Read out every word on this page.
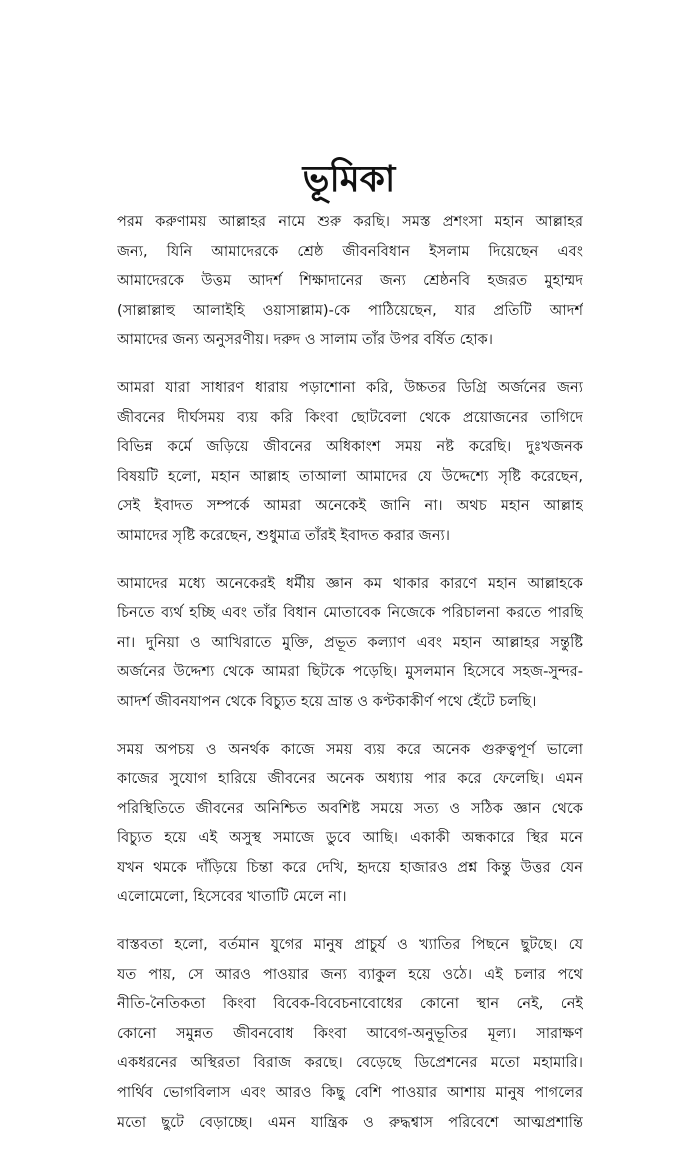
ভূমিকা
পরম করুণাময় আল্লাহর নামে শুরু করছি। সমস্ত প্রশংসা মহান আল্লাহর
জন্য, যিনি আমাদেরকে শ্রেষ্ঠ জীবনবিধান ইসলাম দিয়েছেন এবং
আমাদেরকে উত্তম আদর্শ শিক্ষাদানের জন্য শ্রেষ্ঠনবি হজরত মুহাম্মদ
(সাল্লাল্লাহু আলাইহি ওয়াসাল্লাম)-কে পাঠিয়েছেন, যার প্রতিটি আদর্শ
আমাদের জন্য অনুসরণীয়। দরুদ ও সালাম তাঁর উপর বর্ষিত হোক।
আমরা যারা সাধারণ ধারায় পড়াশোনা করি, উচ্চতর ডিগ্রি অর্জনের জন্য
জীবনের দীর্ঘসময় ব্যয় করি কিংবা ছোটবেলা থেকে প্রয়োজনের তাগিদে
বিভিন্ন কর্মে জড়িয়ে জীবনের অধিকাংশ সময় নষ্ট করেছি। দুঃখজনক
বিষয়টি হলো, মহান আল্লাহ তাআলা আমাদের যে উদ্দেশ্যে সৃষ্টি করেছেন,
সেই ইবাদত সম্পর্কে আমরা অনেকেই জানি না। অথচ মহান আল্লাহ
আমাদের সৃষ্টি করেছেন, শুধুমাত্র তাঁরই ইবাদত করার জন্য।
আমাদের মধ্যে অনেকেরই ধর্মীয় জ্ঞান কম থাকার কারণে মহান আল্লাহকে
চিনতে ব্যর্থ হচ্ছি এবং তাঁর বিধান মোতাবেক নিজেকে পরিচালনা করতে পারছি
না। দুনিয়া ও আখিরাতে মুক্তি, প্রভূত কল্যাণ এবং মহান আল্লাহর সন্তুষ্টি
অর্জনের উদ্দেশ্য থেকে আমরা ছিটকে পড়েছি। মুসলমান হিসেবে সহজ-সুন্দর-
আদর্শ জীবনযাপন থেকে বিচ্যুত হয়ে ভ্রান্ত ও কণ্টকাকীর্ণ পথে হেঁটে চলছি।
সময় অপচয় ও অনর্থক কাজে সময় ব্যয় করে অনেক গুরুত্বপূর্ণ ভালো
কাজের সুযোগ হারিয়ে জীবনের অনেক অধ্যায় পার করে ফেলেছি। এমন
পরিস্থিতিতে জীবনের অনিশ্চিত অবশিষ্ট সময়ে সত্য ও সঠিক জ্ঞান থেকে
বিচ্যুত হয়ে এই অসুস্থ সমাজে ডুবে আছি। একাকী অন্ধকারে স্থির মনে
যখন থমকে দাঁড়িয়ে চিন্তা করে দেখি, হৃদয়ে হাজারও প্রশ্ন কিন্তু উত্তর যেন
এলোমেলো, হিসেবের খাতাটি মেলে না।
বাস্তবতা হলো, বর্তমান যুগের মানুষ প্রাচুর্য ও খ্যাতির পিছনে ছুটছে। যে
যত পায়, সে আরও পাওয়ার জন্য ব্যাকুল হয়ে ওঠে। এই চলার পথে
নীতি-নৈতিকতা কিংবা বিবেক-বিবেচনাবোধের কোনো স্থান নেই, নেই
কোনো সমুন্নত জীবনবোধ কিংবা আবেগ-অনুভূতির মূল্য। সারাক্ষণ
একধরনের অস্থিরতা বিরাজ করছে। বেড়েছে ডিপ্রেশনের মতো মহামারি।
পার্থিব ভোগবিলাস এবং আরও কিছু বেশি পাওয়ার আশায় মানুষ পাগলের
মতো ছুটে বেড়াচ্ছে। এমন যান্ত্রিক ও রুদ্ধশ্বাস পরিবেশে আত্মপ্রশান্তি
